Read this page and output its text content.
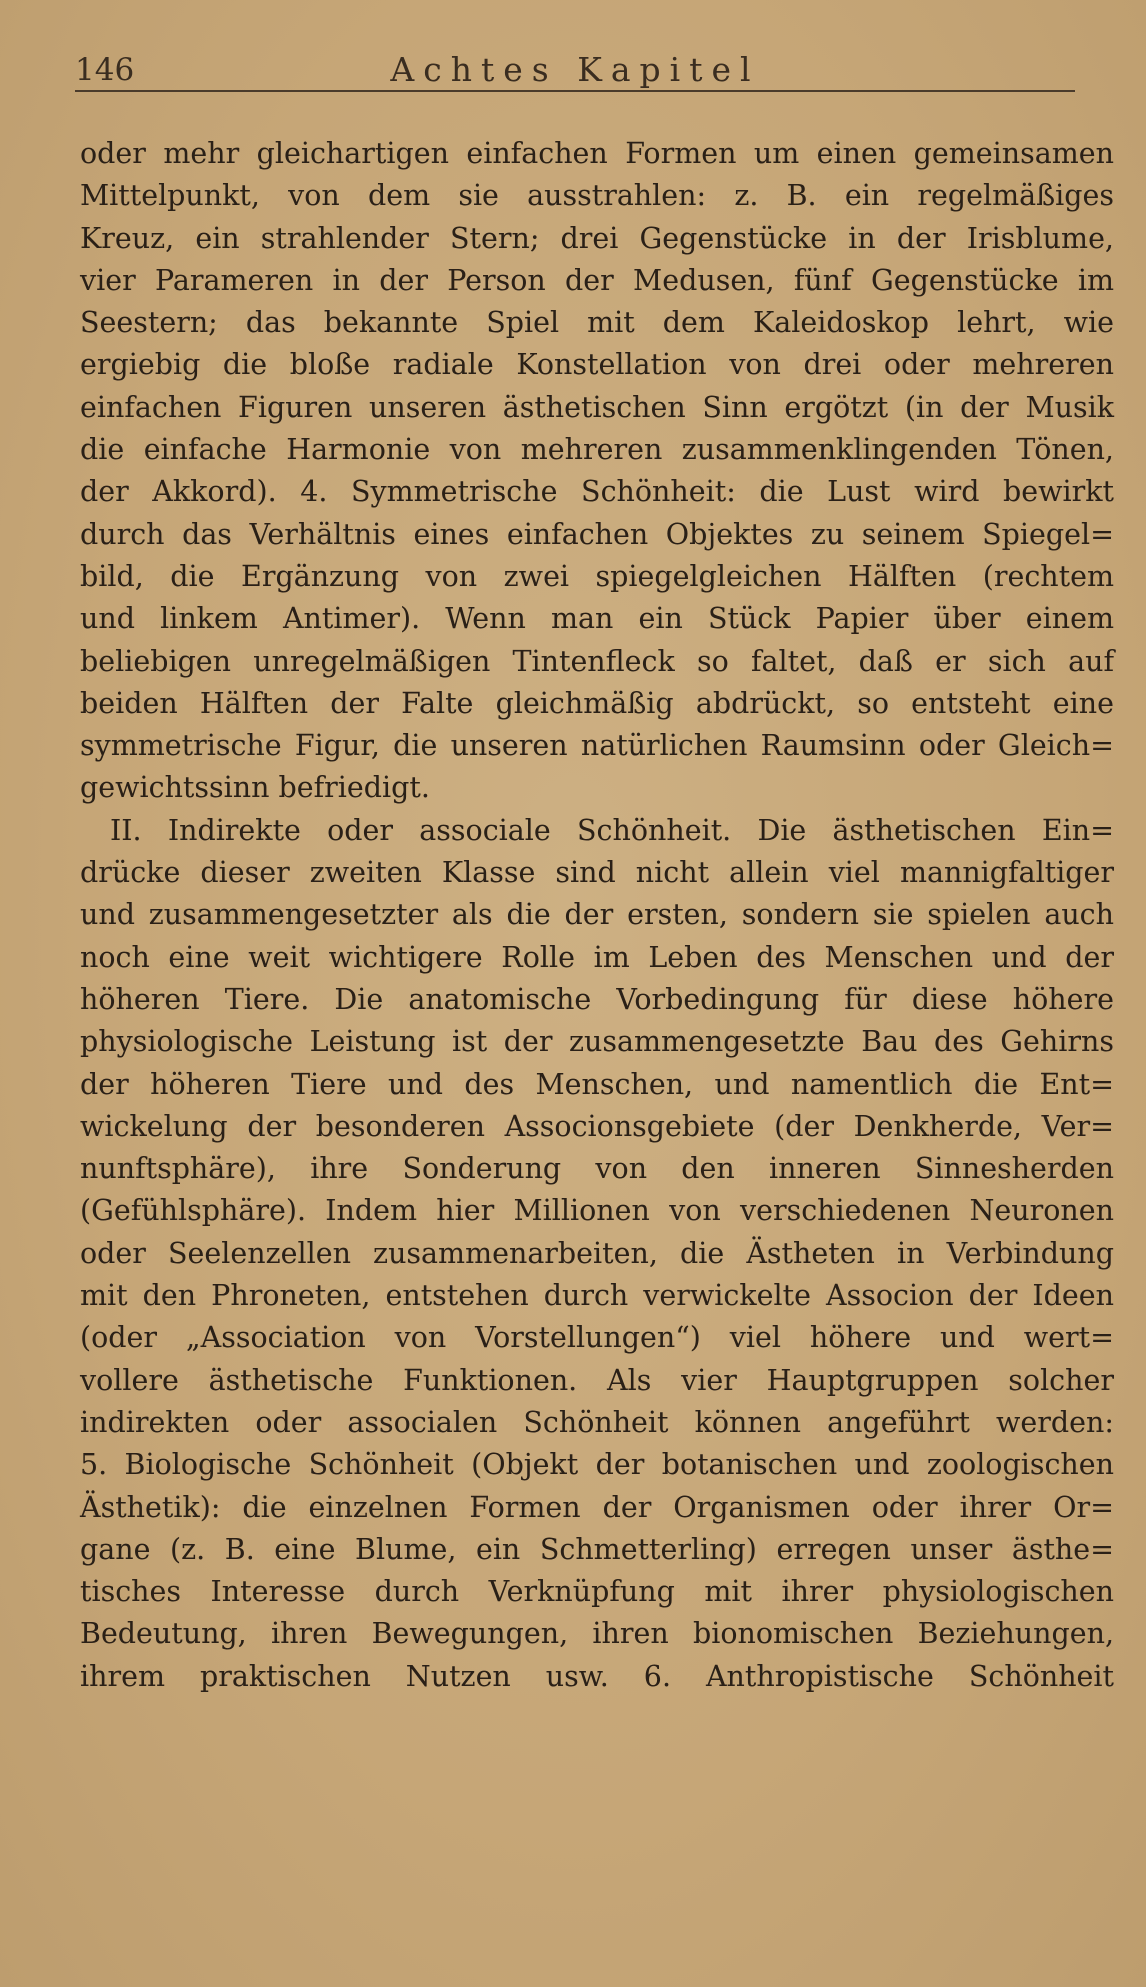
146	Achtes Kapitel
oder mehr gleichartigen einfachen Formen um einen gemeinsamen
Mittelpunkt, von dem sie ausstrahlen: z. B. ein regelmäßiges
Kreuz, ein strahlender Stern; drei Gegenstücke in der Irisblume,
vier Parameren in der Person der Medusen, fünf Gegenstücke im
Seestern; das bekannte Spiel mit dem Kaleidoskop lehrt, wie
ergiebig die bloße radiale Konstellation von drei oder mehreren
einfachen Figuren unseren ästhetischen Sinn ergötzt (in der Musik
die einfache Harmonie von mehreren zusammenklingenden Tönen,
der Akkord). 4. Symmetrische Schönheit: die Lust wird bewirkt
durch das Verhältnis eines einfachen Objektes zu seinem Spiegel=
bild, die Ergänzung von zwei spiegelgleichen Hälften (rechtem
und linkem Antimer). Wenn man ein Stück Papier über einem
beliebigen unregelmäßigen Tintenfleck so faltet, daß er sich auf
beiden Hälften der Falte gleichmäßig abdrückt, so entsteht eine
symmetrische Figur, die unseren natürlichen Raumsinn oder Gleich=
gewichtssinn befriedigt.
II. Indirekte oder associale Schönheit. Die ästhetischen Ein=
drücke dieser zweiten Klasse sind nicht allein viel mannigfaltiger
und zusammengesetzter als die der ersten, sondern sie spielen auch
noch eine weit wichtigere Rolle im Leben des Menschen und der
höheren Tiere. Die anatomische Vorbedingung für diese höhere
physiologische Leistung ist der zusammengesetzte Bau des Gehirns
der höheren Tiere und des Menschen, und namentlich die Ent=
wickelung der besonderen Associonsgebiete (der Denkherde, Ver=
nunftsphäre), ihre Sonderung von den inneren Sinnesherden
(Gefühlsphäre). Indem hier Millionen von verschiedenen Neuronen
oder Seelenzellen zusammenarbeiten, die Ästheten in Verbindung
mit den Phroneten, entstehen durch verwickelte Associon der Ideen
(oder „Association von Vorstellungen“) viel höhere und wert=
vollere ästhetische Funktionen. Als vier Hauptgruppen solcher
indirekten oder associalen Schönheit können angeführt werden:
5. Biologische Schönheit (Objekt der botanischen und zoologischen
Ästhetik): die einzelnen Formen der Organismen oder ihrer Or=
gane (z. B. eine Blume, ein Schmetterling) erregen unser ästhe=
tisches Interesse durch Verknüpfung mit ihrer physiologischen
Bedeutung, ihren Bewegungen, ihren bionomischen Beziehungen,
ihrem praktischen Nutzen usw. 6. Anthropistische Schönheit
